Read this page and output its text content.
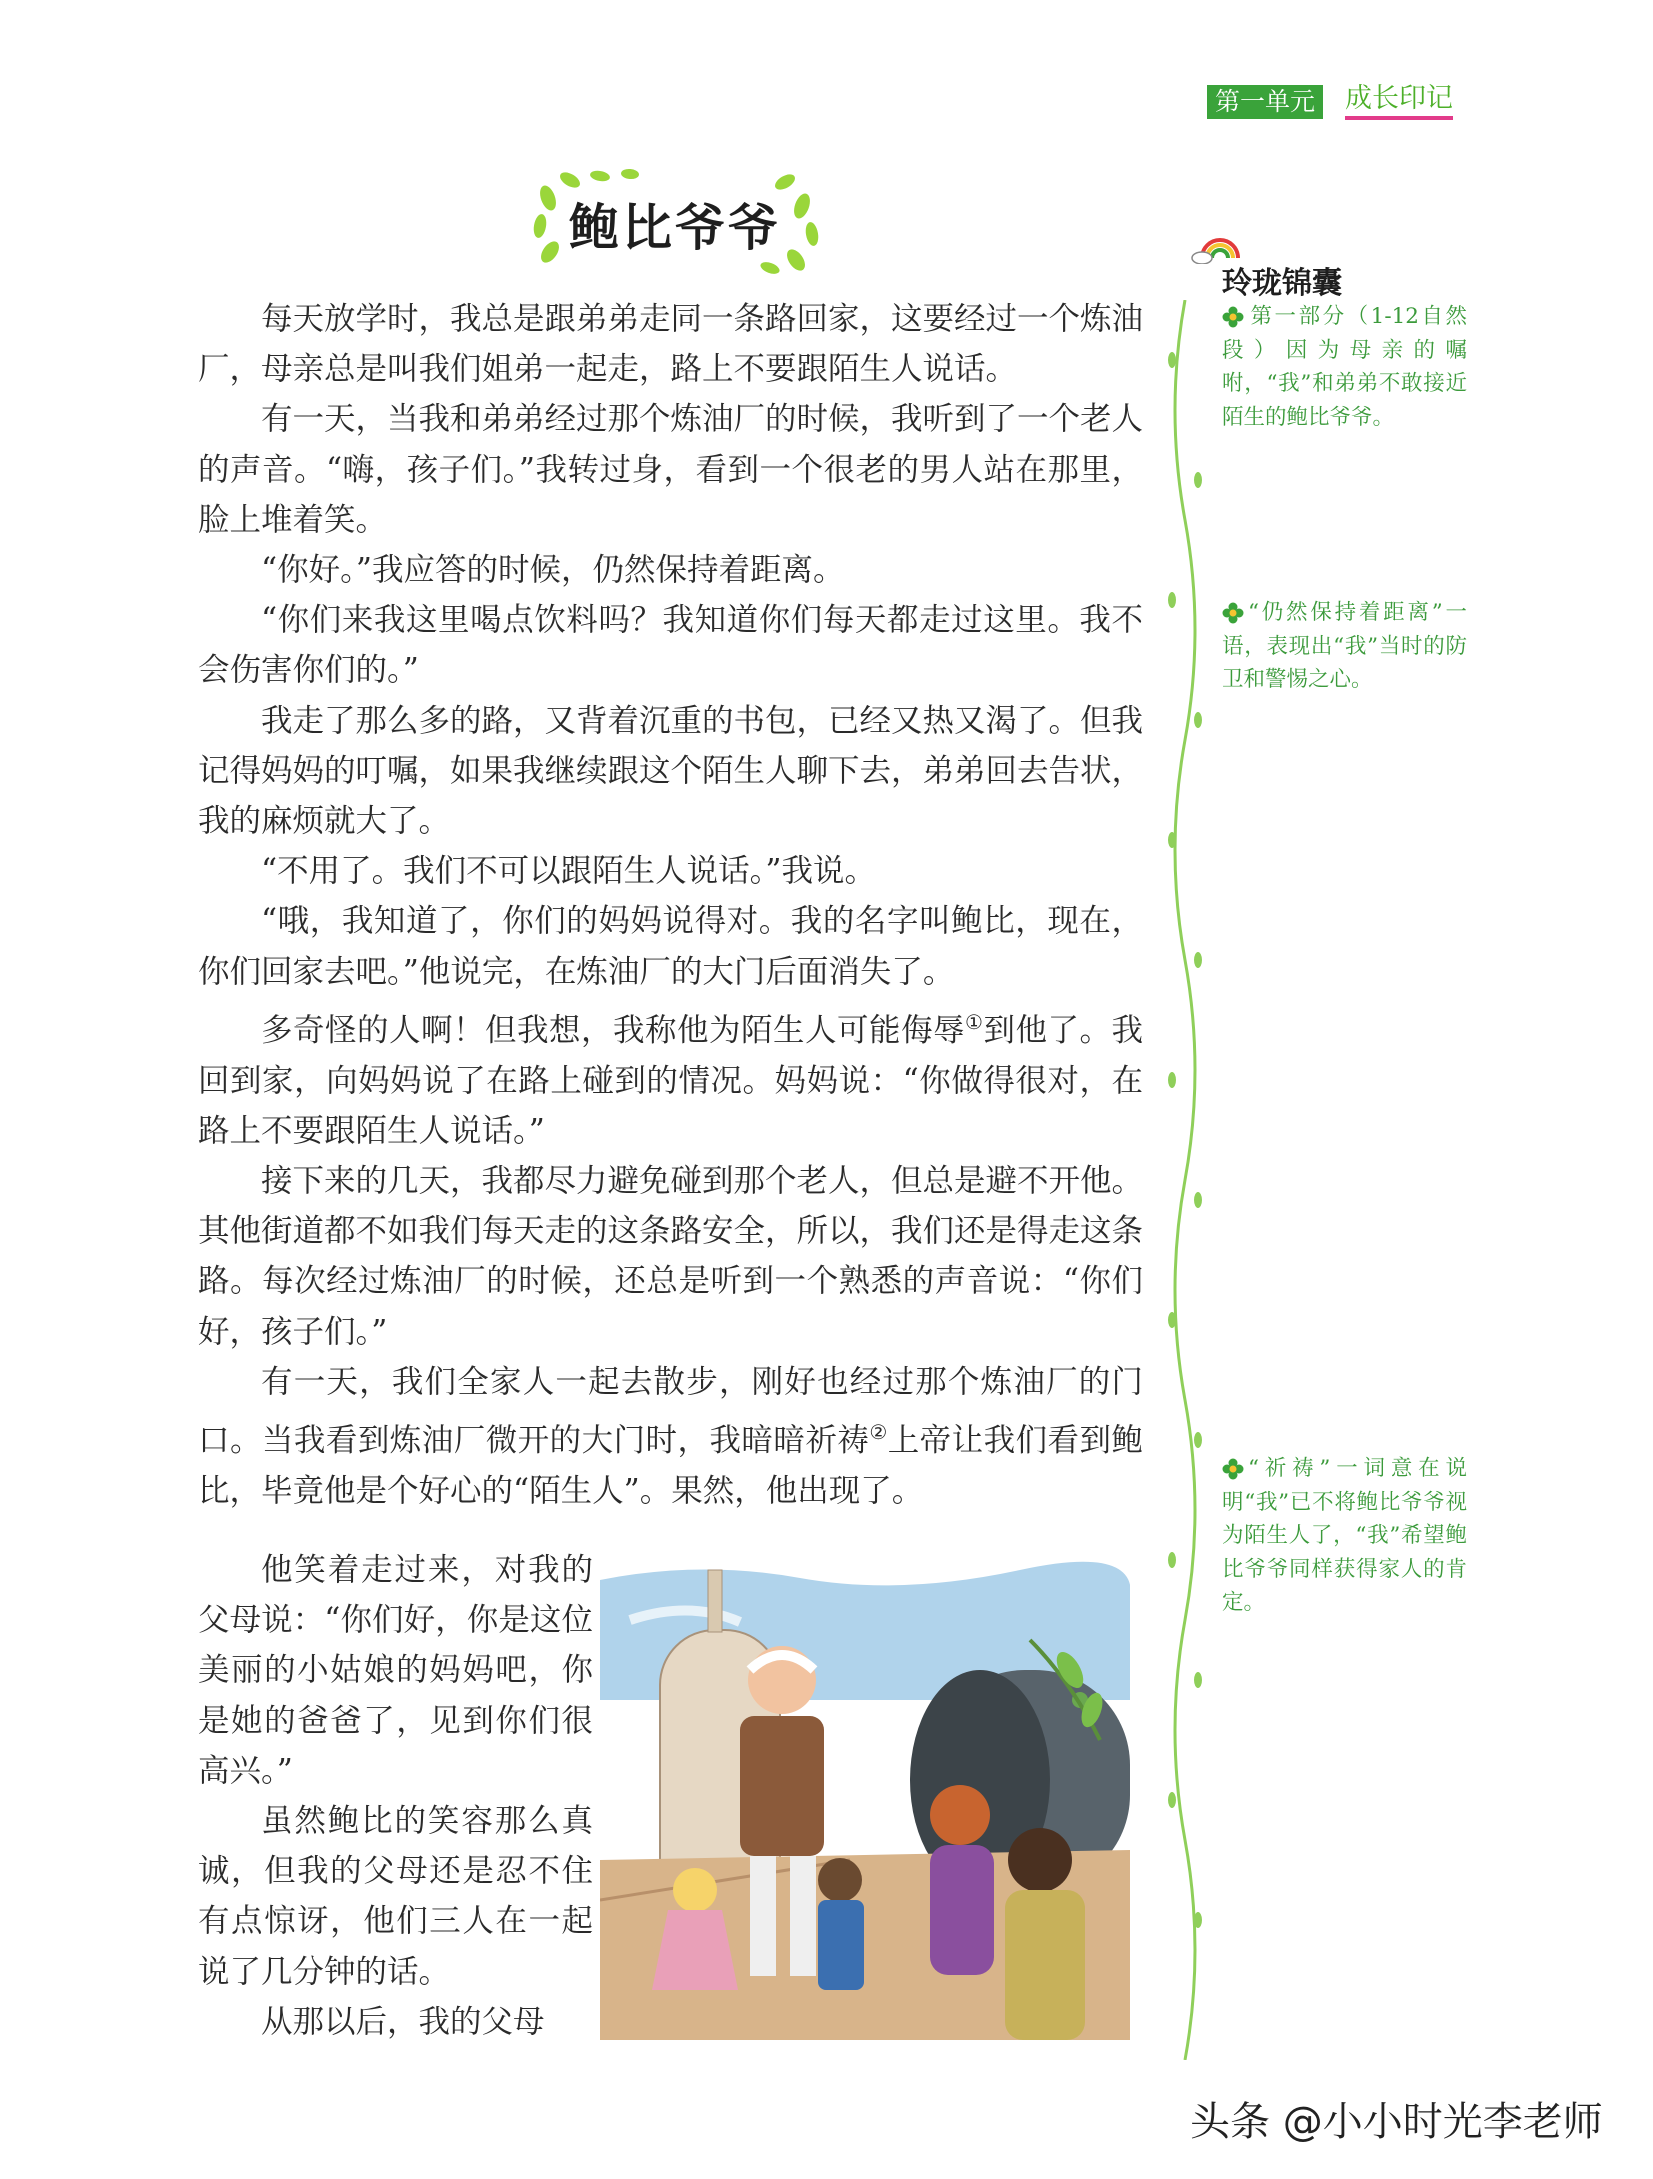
第一单元 成长印记
鲍比爷爷

每天放学时，我总是跟弟弟走同一条路回家，这要经过一个炼油厂，母亲总是叫我们姐弟一起走，路上不要跟陌生人说话。

有一天，当我和弟弟经过那个炼油厂的时候，我听到了一个老人的声音。“嗨，孩子们。”我转过身，看到一个很老的男人站在那里，脸上堆着笑。

“你好。”我应答的时候，仍然保持着距离。

“你们来我这里喝点饮料吗？我知道你们每天都走过这里。我不会伤害你们的。”

我走了那么多的路，又背着沉重的书包，已经又热又渴了。但我记得妈妈的叮嘱，如果我继续跟这个陌生人聊下去，弟弟回去告状，我的麻烦就大了。

“不用了。我们不可以跟陌生人说话。”我说。

“哦，我知道了，你们的妈妈说得对。我的名字叫鲍比，现在，你们回家去吧。”他说完，在炼油厂的大门后面消失了。

多奇怪的人啊！但我想，我称他为陌生人可能侮辱①到他了。我回到家，向妈妈说了在路上碰到的情况。妈妈说：“你做得很对，在路上不要跟陌生人说话。”

接下来的几天，我都尽力避免碰到那个老人，但总是避不开他。其他街道都不如我们每天走的这条路安全，所以，我们还是得走这条路。每次经过炼油厂的时候，还总是听到一个熟悉的声音说：“你们好，孩子们。”

有一天，我们全家人一起去散步，刚好也经过那个炼油厂的门口。当我看到炼油厂微开的大门时，我暗暗祈祷②上帝让我们看到鲍比，毕竟他是个好心的“陌生人”。果然，他出现了。

他笑着走过来，对我的父母说：“你们好，你是这位美丽的小姑娘的妈妈吧，你是她的爸爸了，见到你们很高兴。”

虽然鲍比的笑容那么真诚，但我的父母还是忍不住有点惊讶，他们三人在一起说了几分钟的话。

从那以后，我的父母

玲珑锦囊
第一部分（1-12自然段）因为母亲的嘱咐，“我”和弟弟不敢接近陌生的鲍比爷爷。
“仍然保持着距离”一语，表现出“我”当时的防卫和警惕之心。
“祈祷”一词意在说明“我”已不将鲍比爷爷视为陌生人了，“我”希望鲍比爷爷同样获得家人的肯定。
头条 @小小时光李老师
